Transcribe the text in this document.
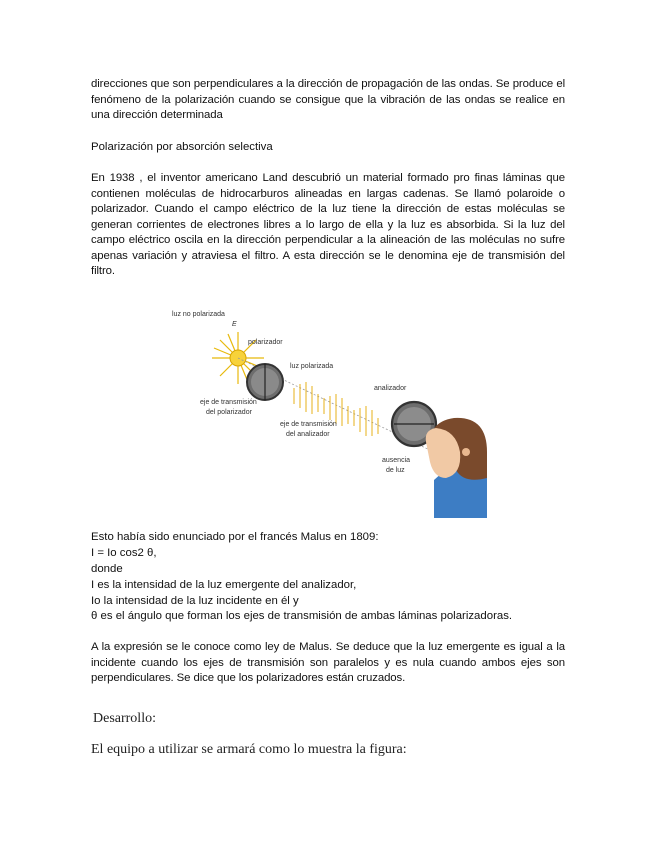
direcciones que son perpendiculares a la dirección de propagación de las ondas. Se produce el fenómeno de la polarización cuando se consigue que la vibración de las ondas se realice en una dirección determinada

Polarización por absorción selectiva

En 1938 , el inventor americano Land descubrió un material formado pro finas láminas que contienen moléculas de hidrocarburos alineadas en largas cadenas. Se llamó polaroide o polarizador. Cuando el campo eléctrico de la luz tiene la dirección de estas moléculas se generan corrientes de electrones libres a lo largo de ella y la luz es absorbida. Si la luz del campo eléctrico oscila en la dirección perpendicular a la alineación de las moléculas no sufre apenas variación y atraviesa el filtro. A esta dirección se le denomina eje de transmisión del filtro.

luz no polarizada
E
polarizador
luz polarizada
analizador
eje de transmisión
del polarizador
eje de transmisión
del analizador
ausencia
de luz

Esto había sido enunciado por el francés Malus en 1809:

I = Io cos2 θ,

donde

I es la intensidad de la luz emergente del analizador,

Io la intensidad de la luz incidente en él y

θ es el ángulo que forman los ejes de transmisión de ambas láminas polarizadoras.

A la expresión se le conoce como ley de Malus. Se deduce que la luz emergente es igual a la incidente cuando los ejes de transmisión son paralelos y es nula cuando ambos ejes son perpendiculares. Se dice que los polarizadores están cruzados.

Desarrollo:

El equipo a utilizar se armará como lo muestra la figura:
